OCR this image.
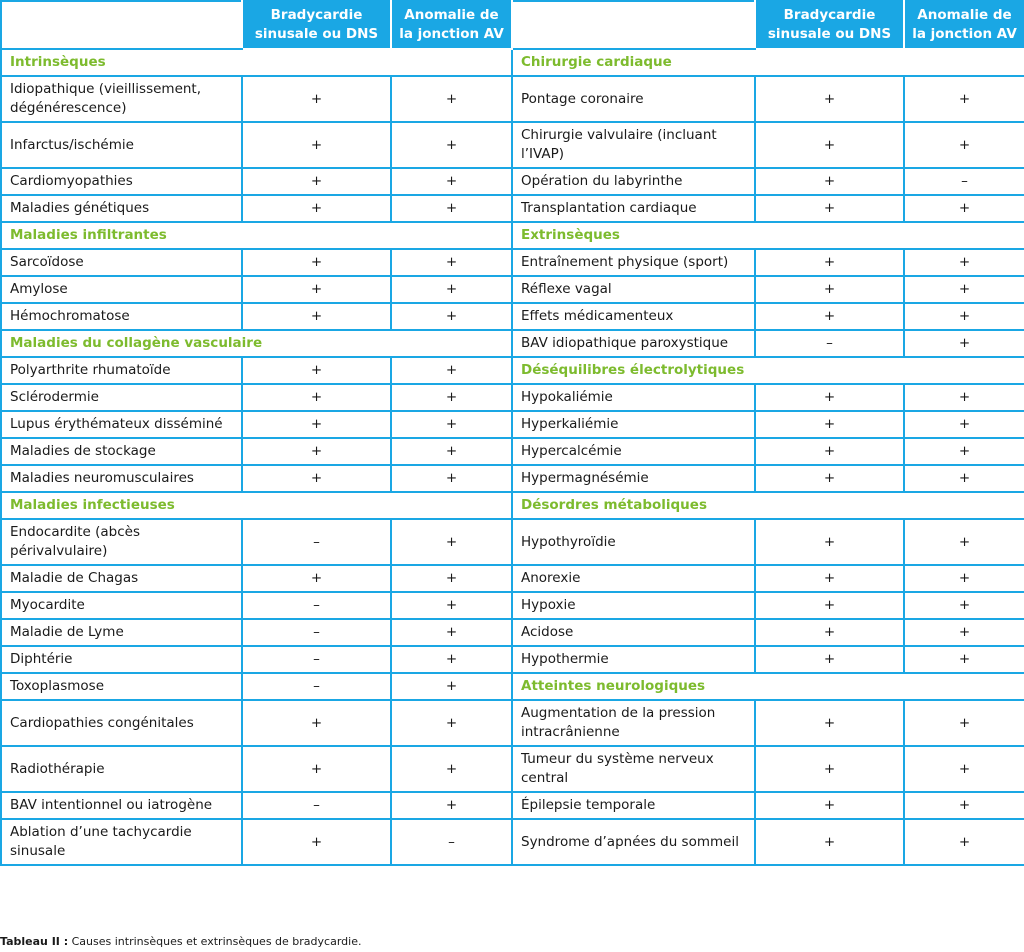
	Bradycardie sinusale ou DNS	Anomalie de la jonction AV		Bradycardie sinusale ou DNS	Anomalie de la jonction AV
Intrinsèques			Chirurgie cardiaque		
Idiopathique (vieillissement, dégénérescence)	+	+	Pontage coronaire	+	+
Infarctus/ischémie	+	+	Chirurgie valvulaire (incluant l’IVAP)	+	+
Cardiomyopathies	+	+	Opération du labyrinthe	+	–
Maladies génétiques	+	+	Transplantation cardiaque	+	+
Maladies infiltrantes			Extrinsèques		
Sarcoïdose	+	+	Entraînement physique (sport)	+	+
Amylose	+	+	Réflexe vagal	+	+
Hémochromatose	+	+	Effets médicamenteux	+	+
Maladies du collagène vasculaire			BAV idiopathique paroxystique	–	+
Polyarthrite rhumatoïde	+	+	Déséquilibres électrolytiques		
Sclérodermie	+	+	Hypokaliémie	+	+
Lupus érythémateux disséminé	+	+	Hyperkaliémie	+	+
Maladies de stockage	+	+	Hypercalcémie	+	+
Maladies neuromusculaires	+	+	Hypermagnésémie	+	+
Maladies infectieuses			Désordres métaboliques		
Endocardite (abcès périvalvulaire)	–	+	Hypothyroïdie	+	+
Maladie de Chagas	+	+	Anorexie	+	+
Myocardite	–	+	Hypoxie	+	+
Maladie de Lyme	–	+	Acidose	+	+
Diphtérie	–	+	Hypothermie	+	+
Toxoplasmose	–	+	Atteintes neurologiques		
Cardiopathies congénitales	+	+	Augmentation de la pression intracrânienne	+	+
Radiothérapie	+	+	Tumeur du système nerveux central	+	+
BAV intentionnel ou iatrogène	–	+	Épilepsie temporale	+	+
Ablation d’une tachycardie sinusale	+	–	Syndrome d’apnées du sommeil	+	+
Tableau II : Causes intrinsèques et extrinsèques de bradycardie.
